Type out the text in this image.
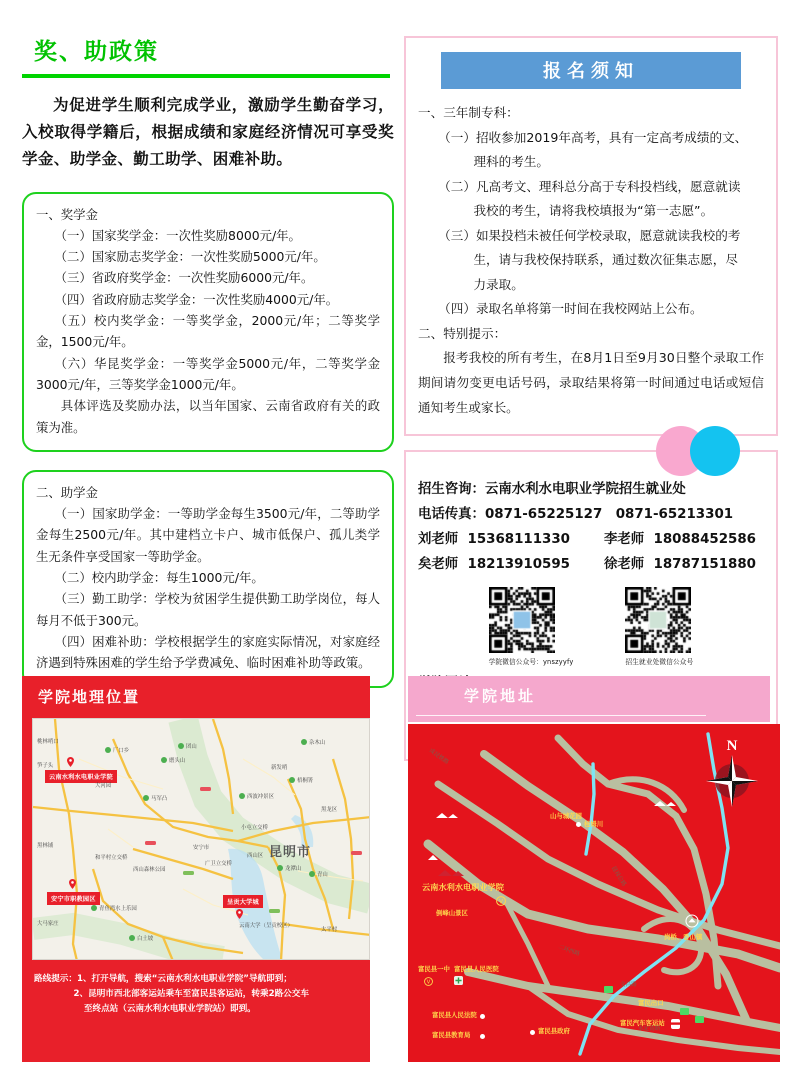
奖、助政策

为促进学生顺利完成学业，激励学生勤奋学习，入校取得学籍后，根据成绩和家庭经济情况可享受奖学金、助学金、勤工助学、困难补助。

一、奖学金
（一）国家奖学金：一次性奖励8000元/年。
（二）国家励志奖学金：一次性奖励5000元/年。
（三）省政府奖学金：一次性奖励6000元/年。
（四）省政府励志奖学金：一次性奖励4000元/年。
（五）校内奖学金：一等奖学金，2000元/年；二等奖学金，1500元/年。
（六）华昆奖学金：一等奖学金5000元/年，二等奖学金3000元/年，三等奖学金1000元/年。
具体评选及奖励办法，以当年国家、云南省政府有关的政策为准。
二、助学金
（一）国家助学金：一等助学金每生3500元/年，二等助学金每生2500元/年。其中建档立卡户、城市低保户、孤儿类学生无条件享受国家一等助学金。
（二）校内助学金：每生1000元/年。
（三）勤工助学：学校为贫困学生提供勤工助学岗位，每人每月不低于300元。
（四）困难补助：学校根据学生的家庭实际情况，对家庭经济遇到特殊困难的学生给予学费减免、临时困难补助等政策。
报名须知
一、三年制专科：
（一）招收参加2019年高考，具有一定高考成绩的文、
理科的考生。
（二）凡高考文、理科总分高于专科投档线，愿意就读
我校的考生，请将我校填报为“第一志愿”。
（三）如果投档未被任何学校录取，愿意就读我校的考
生，请与我校保持联系，通过数次征集志愿，尽
力录取。
（四）录取名单将第一时间在我校网站上公布。
二、特别提示：
报考我校的所有考生，在8月1日至9月30日整个录取工作期间请勿变更电话号码，录取结果将第一时间通过电话或短信通知考生或家长。
招生咨询：云南水利水电职业学院招生就业处
电话传真：0871-65225127　0871-65213301
刘老师 15368111330	李老师 18088452586
矣老师 18213910595	徐老师 18787151880
学院微信公众号：ynszyyfy	招生就业处微信公众号
学院地理位置
昆明市
云南水利水电职业学院
安宁市职教园区	呈贡大学城
团山
厂口乡
杂木山
桃林哨口
笋子头
磨头山
梧桐箐
新发哨
大河园
马军凸	西波冲景区
黑龙区
小屯立交桥
西山区
安宁市
和平村立交桥
西山森林公园
广卫立交桥
龙潭山
青山
云南大学（呈贡校区）
青鱼湾水上乐园
白土坡
太平村
大马家庄
黑林铺
路线提示：1、打开导航，搜索“云南水利水电职业学院”导航即到；
2、昆明市西北部客运站乘车至富民县客运站，转乘2路公交车
至终点站（云南水利水电职业学院站）即到。
学院地址
N
桂姆川
云南水利水电职业学院
V
山与城花园
倒峰山景区
富民县一中
V
富民县人民医院
富民县人民法院
富民县政府
富民县教育局
富民出口
富民汽车客运站
岗桥、香山镇
昆禄公路
二环西路
文昌路
永定南路
成昆铁路
